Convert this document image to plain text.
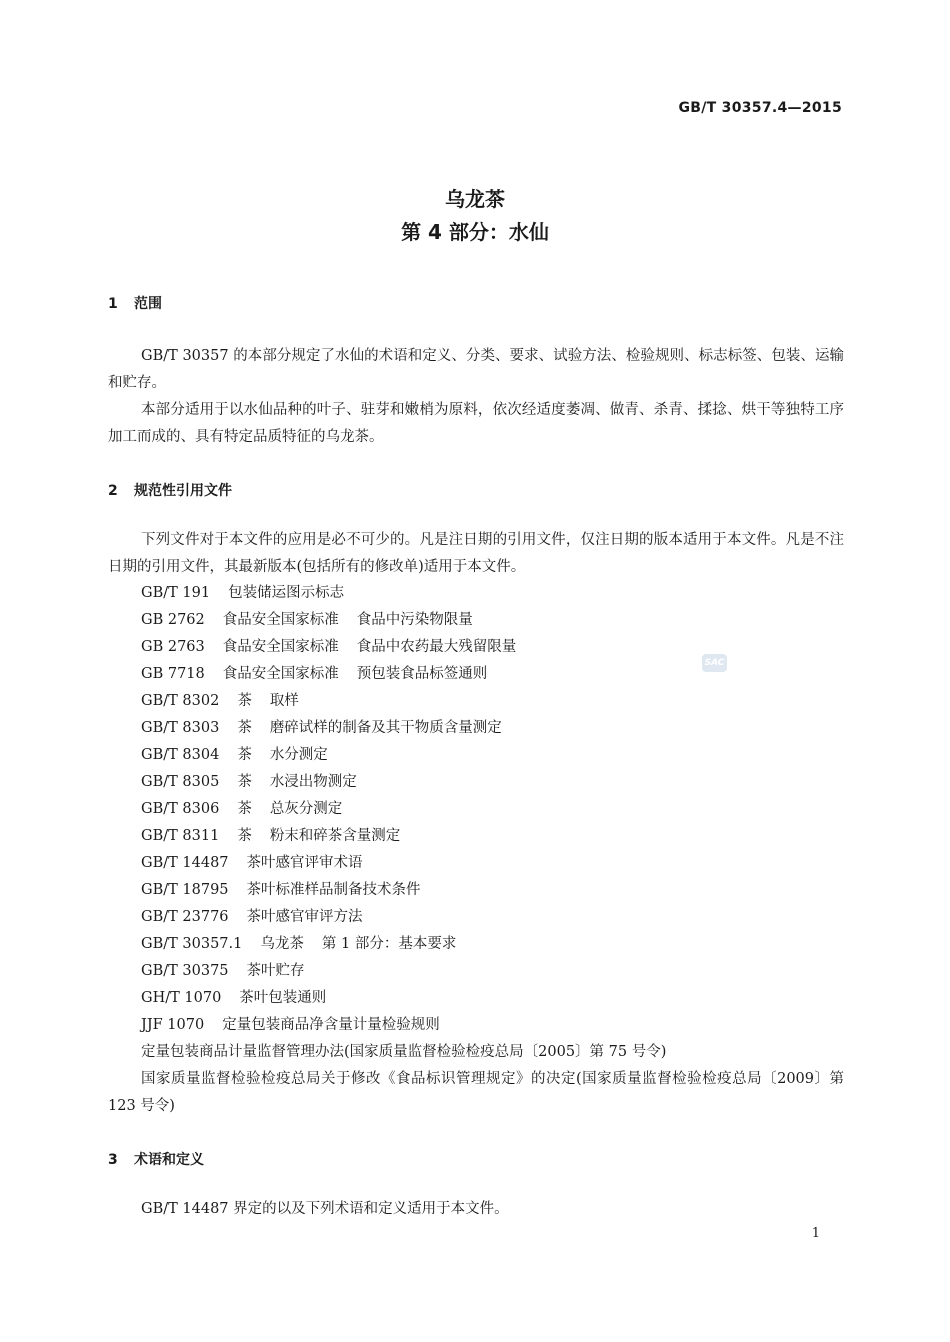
GB/T 30357.4—2015
乌龙茶
第 4 部分：水仙
1 范围
GB/T 30357 的本部分规定了水仙的术语和定义、分类、要求、试验方法、检验规则、标志标签、包装、运输和贮存。
本部分适用于以水仙品种的叶子、驻芽和嫩梢为原料，依次经适度萎凋、做青、杀青、揉捻、烘干等独特工序加工而成的、具有特定品质特征的乌龙茶。
2 规范性引用文件
下列文件对于本文件的应用是必不可少的。凡是注日期的引用文件，仅注日期的版本适用于本文件。凡是不注日期的引用文件，其最新版本(包括所有的修改单)适用于本文件。
GB/T 191 包装储运图示标志
GB 2762 食品安全国家标准 食品中污染物限量
GB 2763 食品安全国家标准 食品中农药最大残留限量
GB 7718 食品安全国家标准 预包装食品标签通则
GB/T 8302 茶 取样
GB/T 8303 茶 磨碎试样的制备及其干物质含量测定
GB/T 8304 茶 水分测定
GB/T 8305 茶 水浸出物测定
GB/T 8306 茶 总灰分测定
GB/T 8311 茶 粉末和碎茶含量测定
GB/T 14487 茶叶感官评审术语
GB/T 18795 茶叶标准样品制备技术条件
GB/T 23776 茶叶感官审评方法
GB/T 30357.1 乌龙茶 第 1 部分：基本要求
GB/T 30375 茶叶贮存
GH/T 1070 茶叶包装通则
JJF 1070 定量包装商品净含量计量检验规则
定量包装商品计量监督管理办法(国家质量监督检验检疫总局〔2005〕第 75 号令)
国家质量监督检验检疫总局关于修改《食品标识管理规定》的决定(国家质量监督检验检疫总局〔2009〕第 123 号令)
SAC
3 术语和定义
GB/T 14487 界定的以及下列术语和定义适用于本文件。
1
